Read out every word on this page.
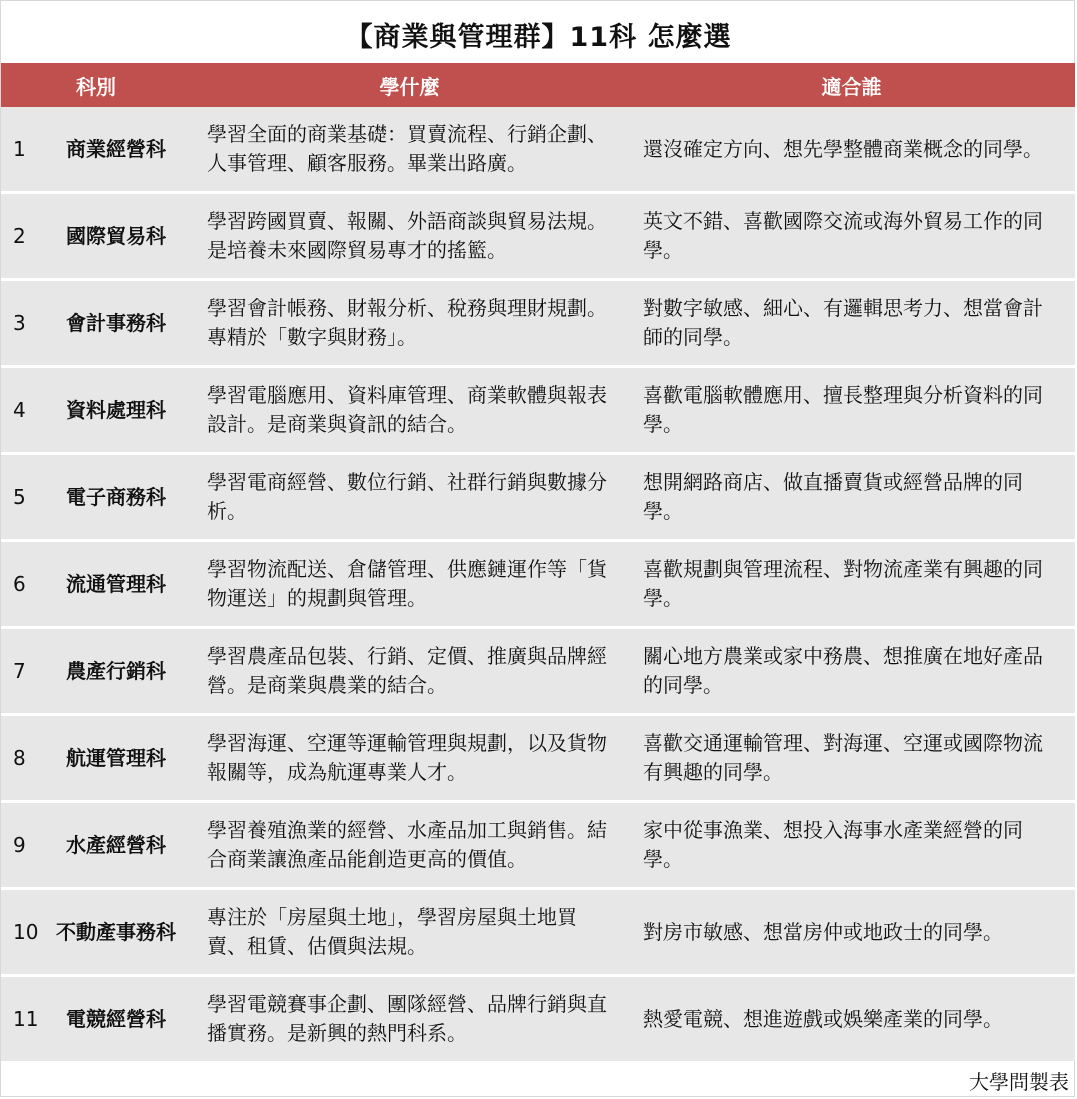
【商業與管理群】11科 怎麼選
科別		學什麼	適合誰
1	商業經營科	學習全面的商業基礎：買賣流程、行銷企劃、人事管理、顧客服務。畢業出路廣。	還沒確定方向、想先學整體商業概念的同學。

2	國際貿易科	學習跨國買賣、報關、外語商談與貿易法規。是培養未來國際貿易專才的搖籃。	英文不錯、喜歡國際交流或海外貿易工作的同學。

3	會計事務科	學習會計帳務、財報分析、稅務與理財規劃。專精於「數字與財務」。	對數字敏感、細心、有邏輯思考力、想當會計師的同學。

4	資料處理科	學習電腦應用、資料庫管理、商業軟體與報表設計。是商業與資訊的結合。	喜歡電腦軟體應用、擅長整理與分析資料的同學。

5	電子商務科	學習電商經營、數位行銷、社群行銷與數據分析。	想開網路商店、做直播賣貨或經營品牌的同學。

6	流通管理科	學習物流配送、倉儲管理、供應鏈運作等「貨物運送」的規劃與管理。	喜歡規劃與管理流程、對物流產業有興趣的同學。

7	農產行銷科	學習農產品包裝、行銷、定價、推廣與品牌經營。是商業與農業的結合。	關心地方農業或家中務農、想推廣在地好產品的同學。

8	航運管理科	學習海運、空運等運輸管理與規劃，以及貨物報關等，成為航運專業人才。	喜歡交通運輸管理、對海運、空運或國際物流有興趣的同學。

9	水產經營科	學習養殖漁業的經營、水產品加工與銷售。結合商業讓漁產品能創造更高的價值。	家中從事漁業、想投入海事水產業經營的同學。

10	不動產事務科	專注於「房屋與土地」，學習房屋與土地買賣、租賃、估價與法規。	對房市敏感、想當房仲或地政士的同學。

11	電競經營科	學習電競賽事企劃、團隊經營、品牌行銷與直播實務。是新興的熱門科系。	熱愛電競、想進遊戲或娛樂產業的同學。
大學問製表
